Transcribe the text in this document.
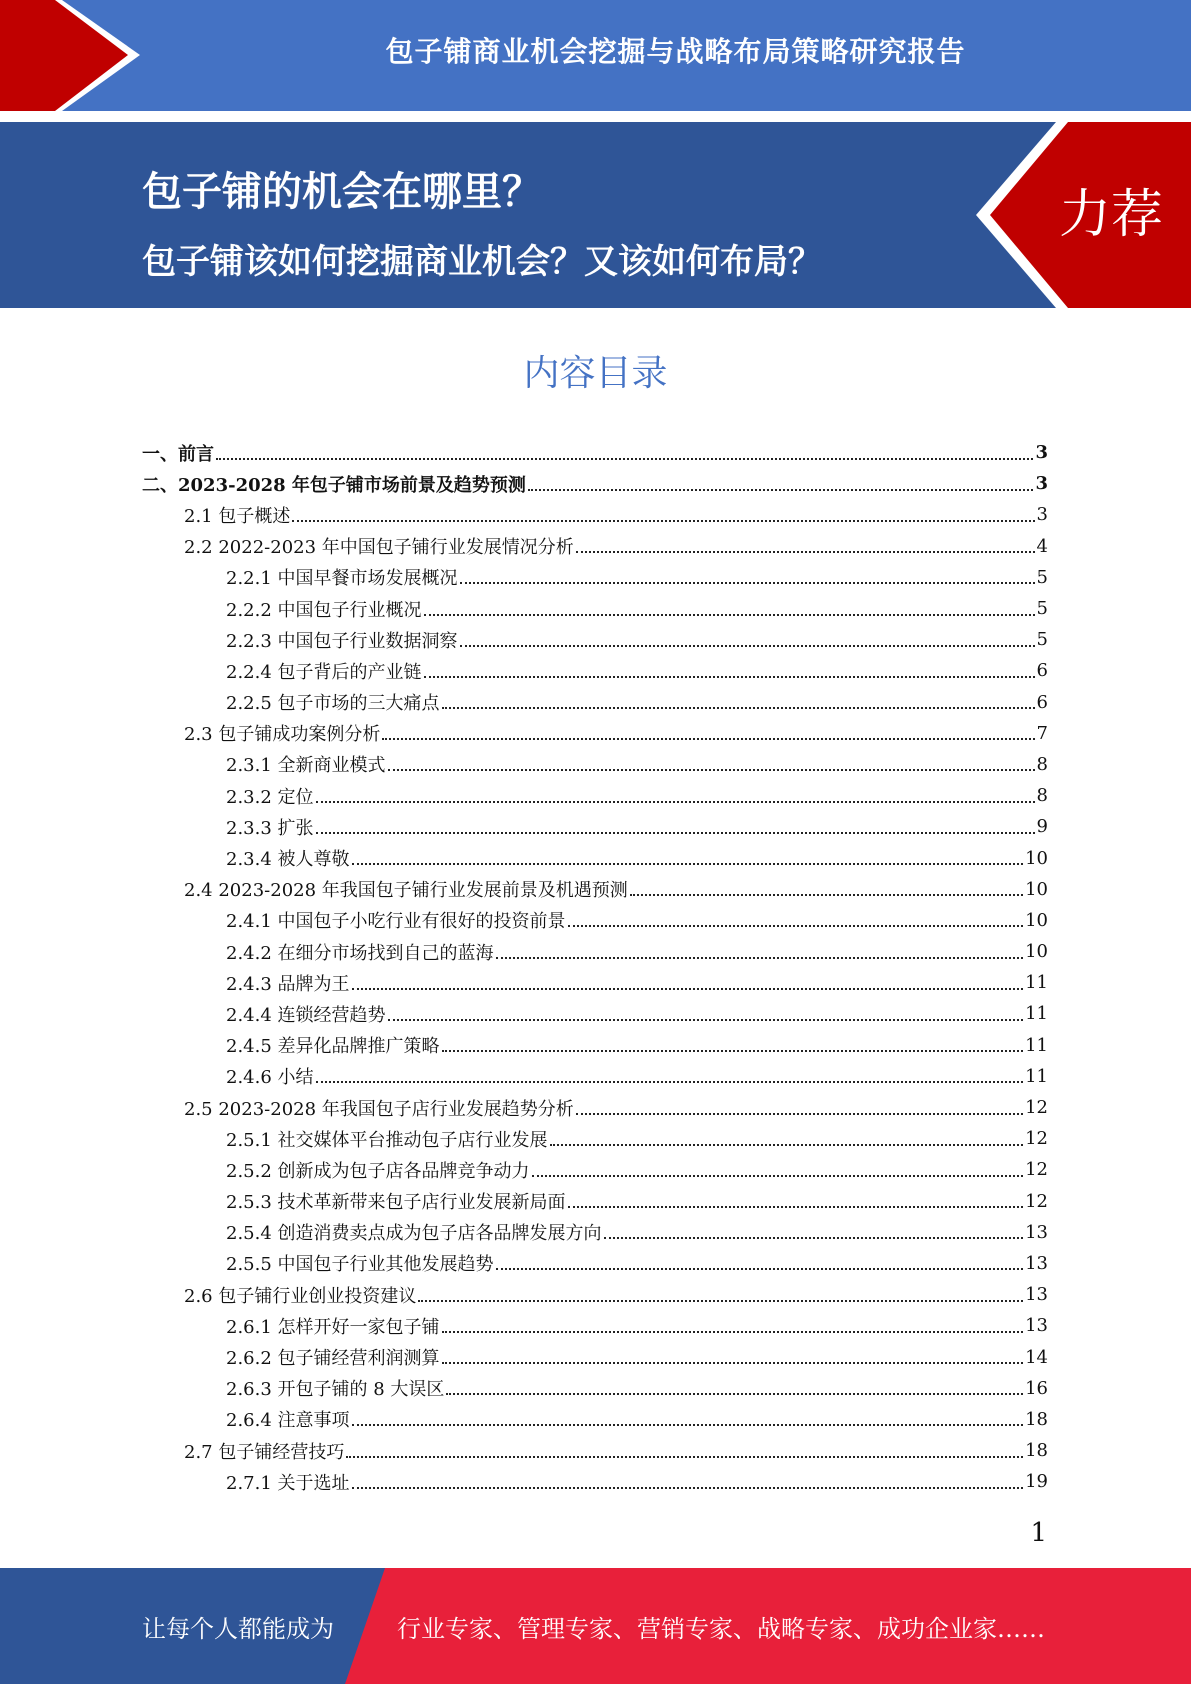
包子铺商业机会挖掘与战略布局策略研究报告
包子铺的机会在哪里？
包子铺该如何挖掘商业机会？又该如何布局？
力荐
内容目录
一、前言	3
二、2023-2028 年包子铺市场前景及趋势预测	3
2.1 包子概述	3
2.2 2022-2023 年中国包子铺行业发展情况分析	4
2.2.1 中国早餐市场发展概况	5
2.2.2 中国包子行业概况	5
2.2.3 中国包子行业数据洞察	5
2.2.4 包子背后的产业链	6
2.2.5 包子市场的三大痛点	6
2.3 包子铺成功案例分析	7
2.3.1 全新商业模式	8
2.3.2 定位	8
2.3.3 扩张	9
2.3.4 被人尊敬	10
2.4 2023-2028 年我国包子铺行业发展前景及机遇预测	10
2.4.1 中国包子小吃行业有很好的投资前景	10
2.4.2 在细分市场找到自己的蓝海	10
2.4.3 品牌为王	11
2.4.4 连锁经营趋势	11
2.4.5 差异化品牌推广策略	11
2.4.6 小结	11
2.5 2023-2028 年我国包子店行业发展趋势分析	12
2.5.1 社交媒体平台推动包子店行业发展	12
2.5.2 创新成为包子店各品牌竞争动力	12
2.5.3 技术革新带来包子店行业发展新局面	12
2.5.4 创造消费卖点成为包子店各品牌发展方向	13
2.5.5 中国包子行业其他发展趋势	13
2.6 包子铺行业创业投资建议	13
2.6.1 怎样开好一家包子铺	13
2.6.2 包子铺经营利润测算	14
2.6.3 开包子铺的 8 大误区	16
2.6.4 注意事项	18
2.7 包子铺经营技巧	18
2.7.1 关于选址	19
1
让每个人都能成为	行业专家、管理专家、营销专家、战略专家、成功企业家……
